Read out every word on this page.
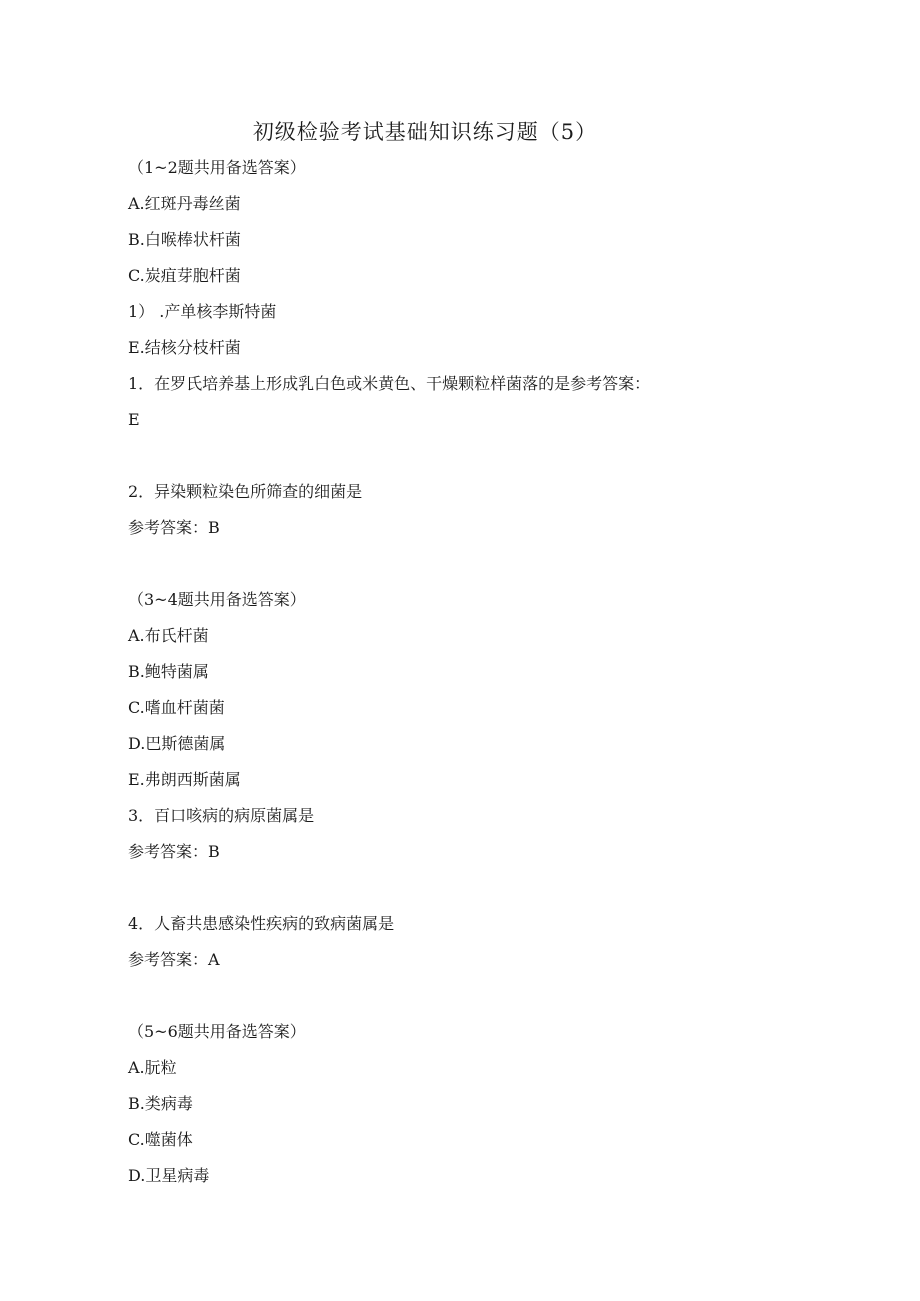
初级检验考试基础知识练习题（5）
（1~2题共用备选答案）
A.红斑丹毒丝菌
B.白喉棒状杆菌
C.炭疽芽胞杆菌
1） .产单核李斯特菌
E.结核分枝杆菌
1．在罗氏培养基上形成乳白色或米黄色、干燥颗粒样菌落的是参考答案：
E
2．异染颗粒染色所筛查的细菌是
参考答案：B
（3~4题共用备选答案）
A.布氏杆菌
B.鲍特菌属
C.嗜血杆菌菌
D.巴斯德菌属
E.弗朗西斯菌属
3．百口咳病的病原菌属是
参考答案：B
4．人畜共患感染性疾病的致病菌属是
参考答案：A
（5~6题共用备选答案）
A.朊粒
B.类病毒
C.噬菌体
D.卫星病毒
